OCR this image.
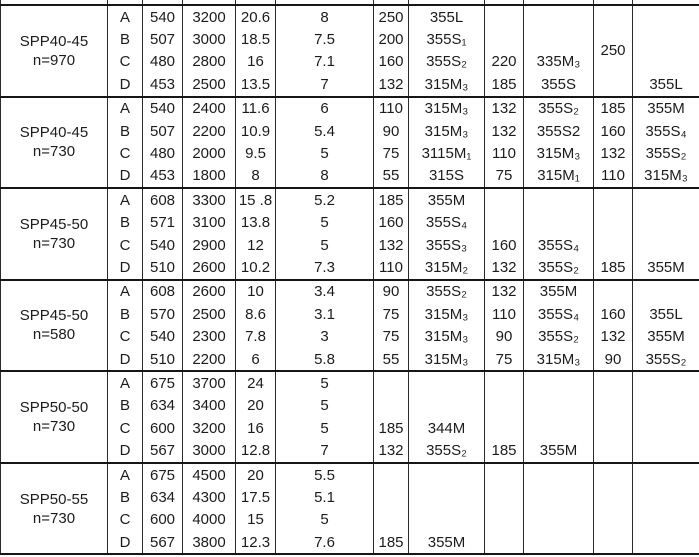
SPP40-45
n=970	A	540	3200	20.6	8	250	355L			250	
	B	507	3000	18.5	7.5	200	355S₁				
	C	480	2800	16	7.1	160	355S₂	220	335M₃		
	D	453	2500	13.5	7	132	315M₃	185	355S		355L

SPP40-45
n=730	A	540	2400	11.6	6	110	315M₃	132	355S₂	185	355M
	B	507	2200	10.9	5.4	90	315M₃	132	355S2	160	355S₄
	C	480	2000	9.5	5	75	3115M₁	110	315M₃	132	355S₂
	D	453	1800	8	8	55	315S	75	315M₁	110	315M₃

SPP45-50
n=730	A	608	3300	15 .8	5.2	185	355M				
	B	571	3100	13.8	5	160	355S₄				
	C	540	2900	12	5	132	355S₃	160	355S₄		
	D	510	2600	10.2	7.3	110	315M₂	132	355S₂	185	355M

SPP45-50
n=580	A	608	2600	10	3.4	90	355S₂	132	355M		
	B	570	2500	8.6	3.1	75	315M₃	110	355S₄	160	355L
	C	540	2300	7.8	3	75	315M₃	90	355S₂	132	355M
	D	510	2200	6	5.8	55	315M₃	75	315M₃	90	355S₂

SPP50-50
n=730	A	675	3700	24	5						
	B	634	3400	20	5						
	C	600	3200	16	5	185	344M				
	D	567	3000	12.8	7	132	355S₂	185	355M		

SPP50-55
n=730	A	675	4500	20	5.5						
	B	634	4300	17.5	5.1						
	C	600	4000	15	5						
	D	567	3800	12.3	7.6	185	355M				
